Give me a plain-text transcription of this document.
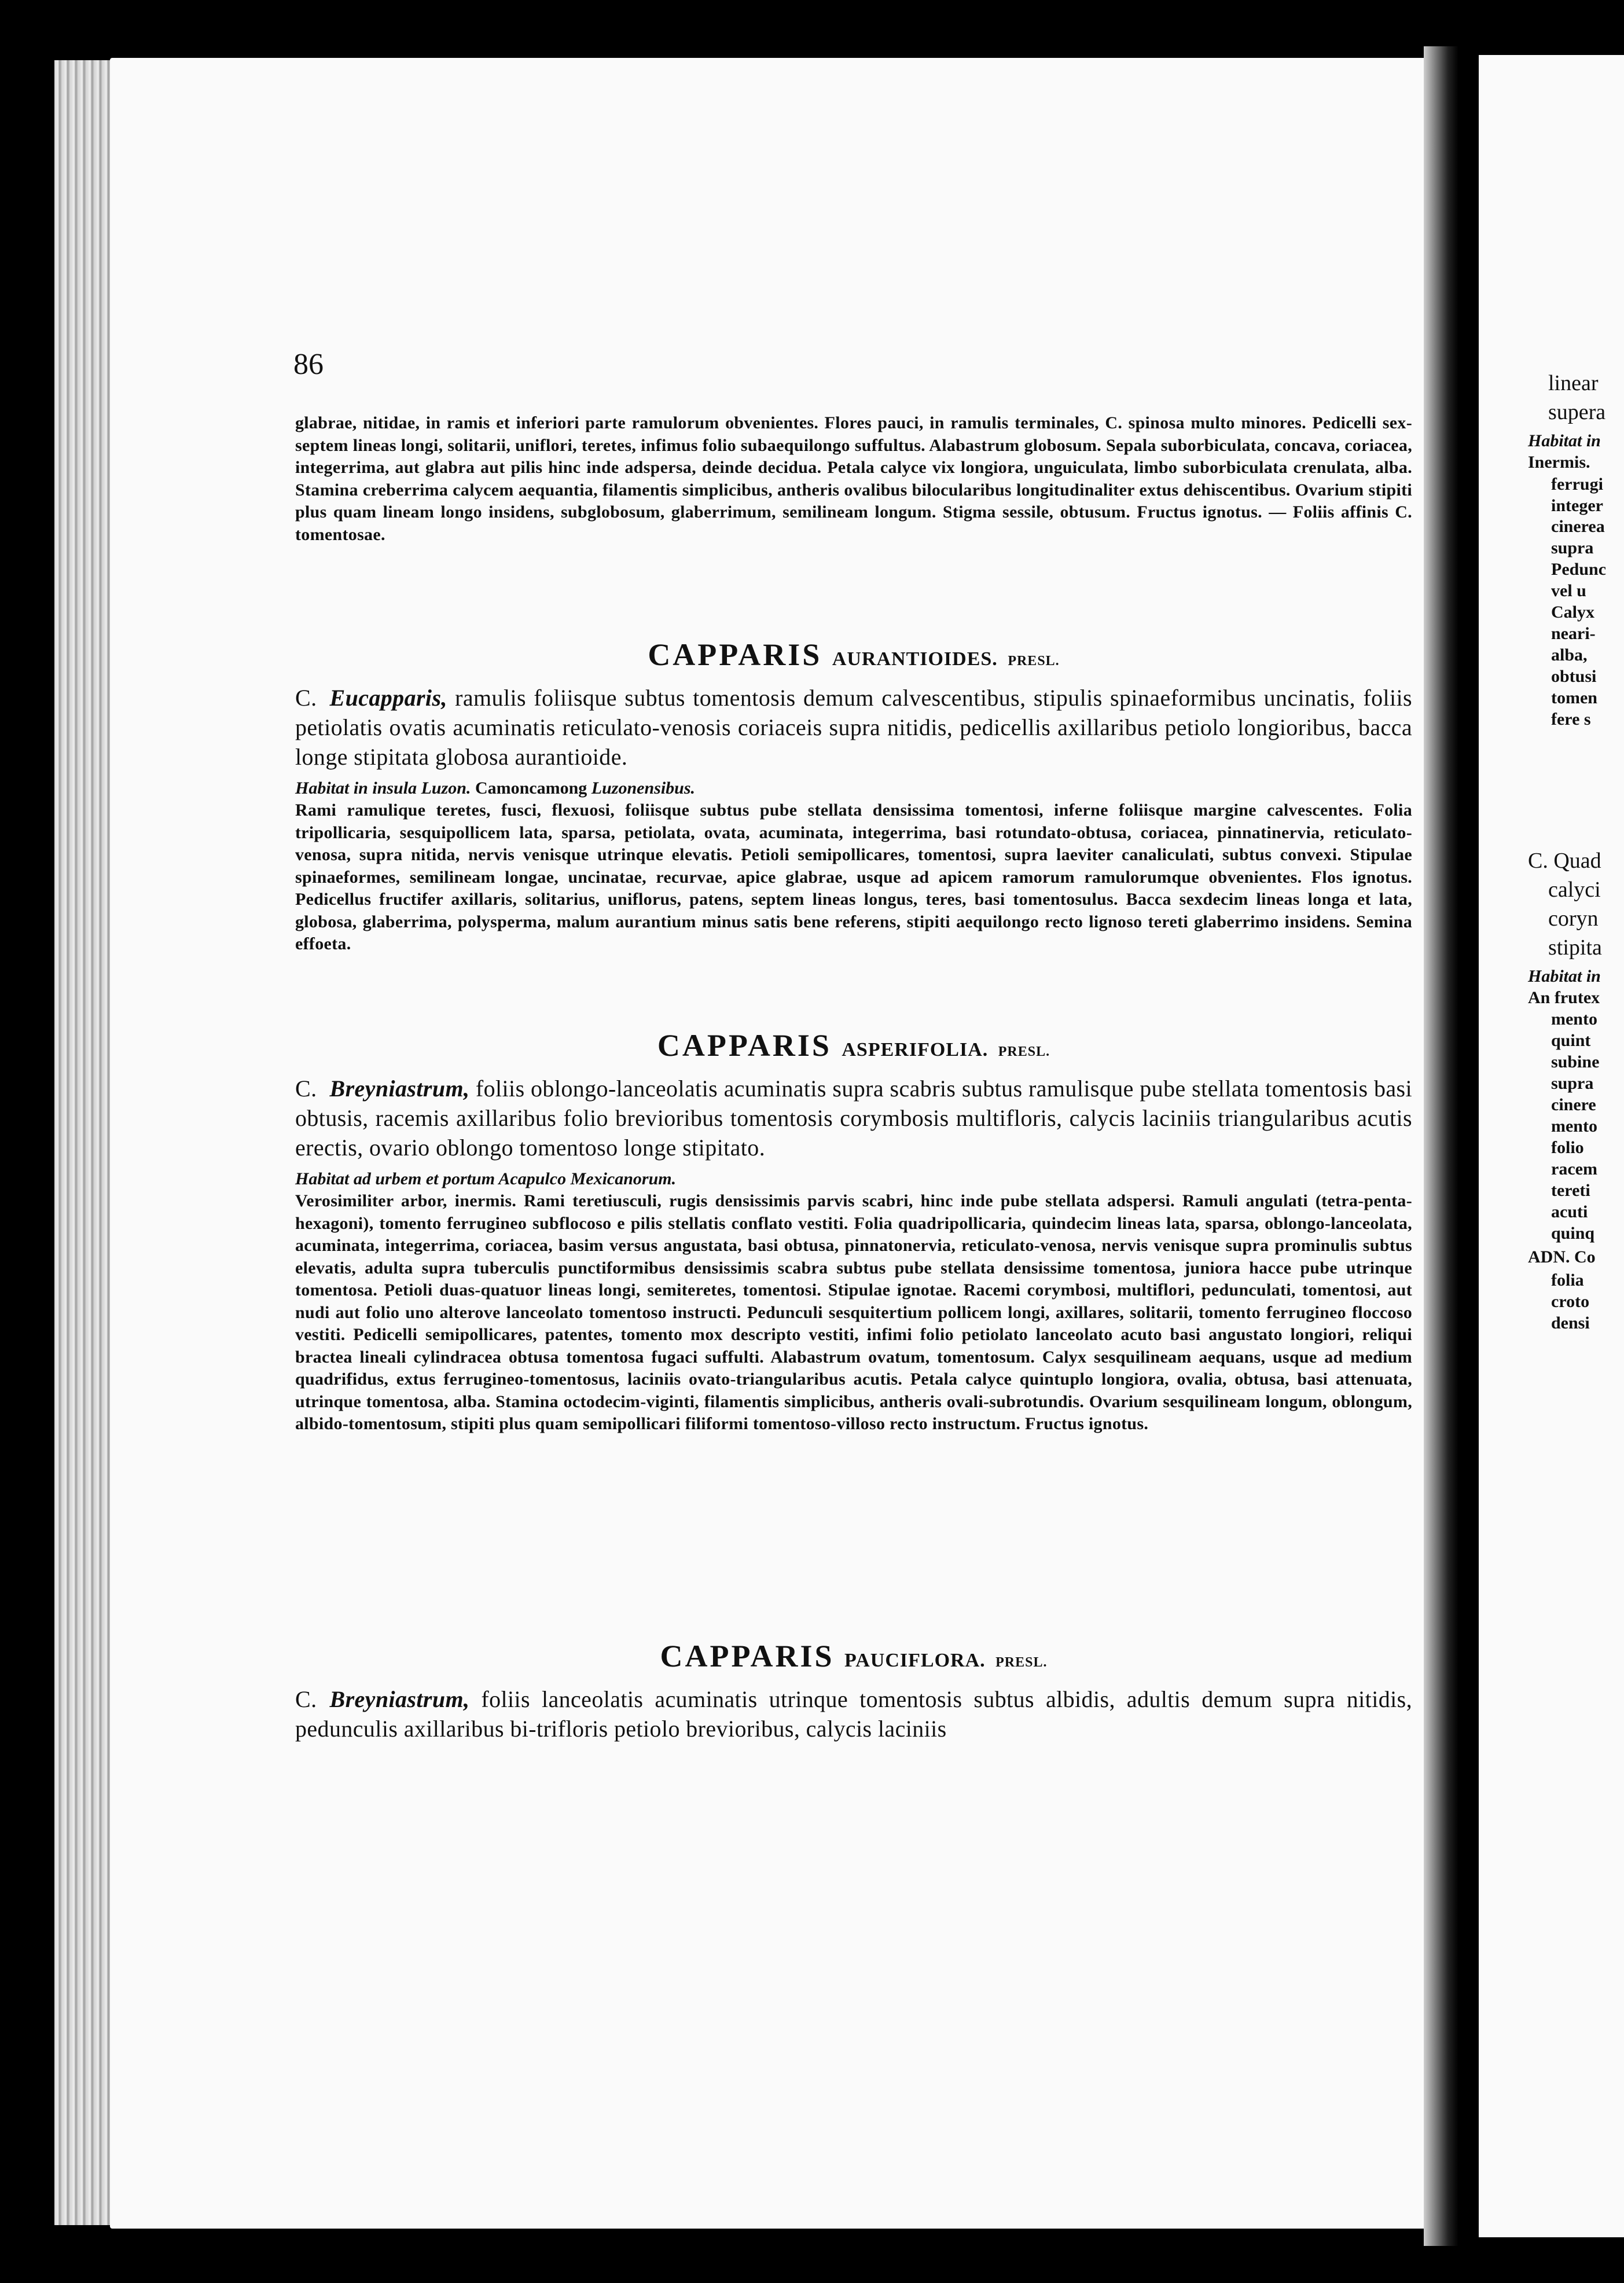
86

glabrae, nitidae, in ramis et inferiori parte ramulorum obvenientes. Flores pauci, in ramulis terminales, C. spinosa multo minores. Pedicelli sex-septem lineas longi, solitarii, uniflori, teretes, infimus folio subaequilongo suffultus. Alabastrum globosum. Sepala suborbiculata, concava, coriacea, integerrima, aut glabra aut pilis hinc inde adspersa, deinde decidua. Petala calyce vix longiora, unguiculata, limbo suborbiculata crenulata, alba. Stamina creberrima calycem aequantia, filamentis simplicibus, antheris ovalibus bilocularibus longitudinaliter extus dehiscentibus. Ovarium stipiti plus quam lineam longo insidens, subglobosum, glaberrimum, semilineam longum. Stigma sessile, obtusum. Fructus ignotus. — Foliis affinis C. tomentosae.

CAPPARIS AURANTIOIDES. PRESL.

C. Eucapparis, ramulis foliisque subtus tomentosis demum calvescentibus, stipulis spinaeformibus uncinatis, foliis petiolatis ovatis acuminatis reticulato-venosis coriaceis supra nitidis, pedicellis axillaribus petiolo longioribus, bacca longe stipitata globosa aurantioide.

Habitat in insula Luzon. Camoncamong Luzonensibus.

Rami ramulique teretes, fusci, flexuosi, foliisque subtus pube stellata densissima tomentosi, inferne foliisque margine calvescentes. Folia tripollicaria, sesquipollicem lata, sparsa, petiolata, ovata, acuminata, integerrima, basi rotundato-obtusa, coriacea, pinnatinervia, reticulato-venosa, supra nitida, nervis venisque utrinque elevatis. Petioli semipollicares, tomentosi, supra laeviter canaliculati, subtus convexi. Stipulae spinaeformes, semilineam longae, uncinatae, recurvae, apice glabrae, usque ad apicem ramorum ramulorumque obvenientes. Flos ignotus. Pedicellus fructifer axillaris, solitarius, uniflorus, patens, septem lineas longus, teres, basi tomentosulus. Bacca sexdecim lineas longa et lata, globosa, glaberrima, polysperma, malum aurantium minus satis bene referens, stipiti aequilongo recto lignoso tereti glaberrimo insidens. Semina effoeta.

CAPPARIS ASPERIFOLIA. PRESL.

C. Breyniastrum, foliis oblongo-lanceolatis acuminatis supra scabris subtus ramulisque pube stellata tomentosis basi obtusis, racemis axillaribus folio brevioribus tomentosis corymbosis multifloris, calycis laciniis triangularibus acutis erectis, ovario oblongo tomentoso longe stipitato.

Habitat ad urbem et portum Acapulco Mexicanorum.

Verosimiliter arbor, inermis. Rami teretiusculi, rugis densissimis parvis scabri, hinc inde pube stellata adspersi. Ramuli angulati (tetra-penta-hexagoni), tomento ferrugineo subflocoso e pilis stellatis conflato vestiti. Folia quadripollicaria, quindecim lineas lata, sparsa, oblongo-lanceolata, acuminata, integerrima, coriacea, basim versus angustata, basi obtusa, pinnatonervia, reticulato-venosa, nervis venisque supra prominulis subtus elevatis, adulta supra tuberculis punctiformibus densissimis scabra subtus pube stellata densissime tomentosa, juniora hacce pube utrinque tomentosa. Petioli duas-quatuor lineas longi, semiteretes, tomentosi. Stipulae ignotae. Racemi corymbosi, multiflori, pedunculati, tomentosi, aut nudi aut folio uno alterove lanceolato tomentoso instructi. Pedunculi sesquitertium pollicem longi, axillares, solitarii, tomento ferrugineo floccoso vestiti. Pedicelli semipollicares, patentes, tomento mox descripto vestiti, infimi folio petiolato lanceolato acuto basi angustato longiori, reliqui bractea lineali cylindracea obtusa tomentosa fugaci suffulti. Alabastrum ovatum, tomentosum. Calyx sesquilineam aequans, usque ad medium quadrifidus, extus ferrugineo-tomentosus, laciniis ovato-triangularibus acutis. Petala calyce quintuplo longiora, ovalia, obtusa, basi attenuata, utrinque tomentosa, alba. Stamina octodecim-viginti, filamentis simplicibus, antheris ovali-subrotundis. Ovarium sesquilineam longum, oblongum, albido-tomentosum, stipiti plus quam semipollicari filiformi tomentoso-villoso recto instructum. Fructus ignotus.

CAPPARIS PAUCIFLORA. PRESL.

C. Breyniastrum, foliis lanceolatis acuminatis utrinque tomentosis subtus albidis, adultis demum supra nitidis, pedunculis axillaribus bi-trifloris petiolo brevioribus, calycis laciniis

linear
supera
Habitat in
Inermis.
ferrugi
integer
cinerea
supra
Pedunc
vel u
Calyx
neari-
alba,
obtusi
tomen
fere s
C. Quad
calyci
coryn
stipita
Habitat in
An frutex
mento
quint
subine
supra
cinere
mento
folio
racem
tereti
acuti
quinq
ADN. Co
folia
croto
densi
